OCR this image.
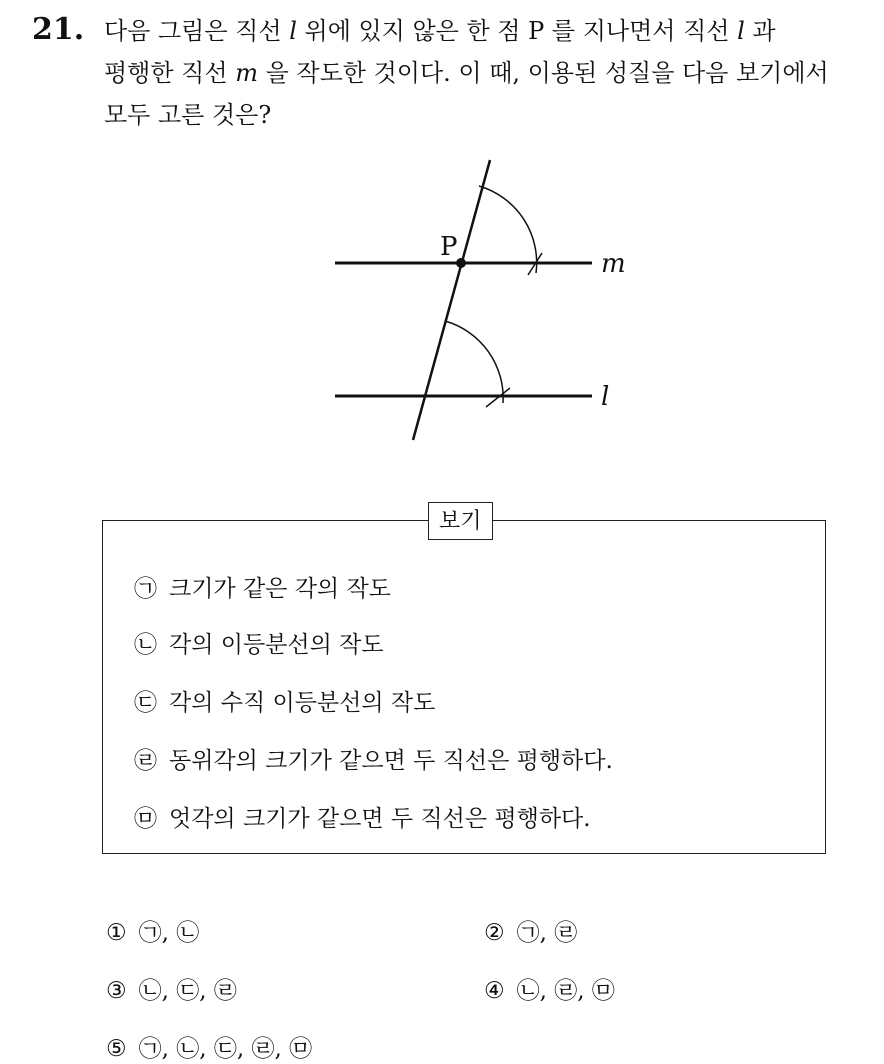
21. 다음 그림은 직선 l 위에 있지 않은 한 점 P 를 지나면서 직선 l 과
평행한 직선 m 을 작도한 것이다. 이 때, 이용된 성질을 다음 보기에서
모두 고른 것은?
P
m
l
보기
㉠ 크기가 같은 각의 작도
㉡ 각의 이등분선의 작도
㉢ 각의 수직 이등분선의 작도
㉣ 동위각의 크기가 같으면 두 직선은 평행하다.
㉤ 엇각의 크기가 같으면 두 직선은 평행하다.
① ㉠, ㉡	② ㉠, ㉣
③ ㉡, ㉢, ㉣	④ ㉡, ㉣, ㉤
⑤ ㉠, ㉡, ㉢, ㉣, ㉤
